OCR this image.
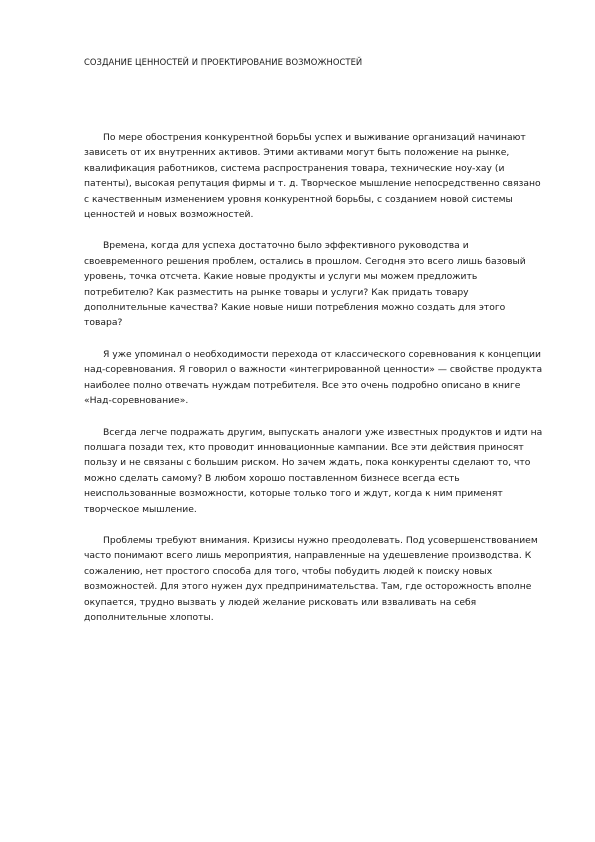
СОЗДАНИЕ ЦЕННОСТЕЙ И ПРОЕКТИРОВАНИЕ ВОЗМОЖНОСТЕЙ

По мере обострения конкурентной борьбы успех и выживание организаций начинают зависеть от их внутренних активов. Этими активами могут быть положение на рынке, квалификация работников, система распространения товара, технические ноу-хау (и патенты), высокая репутация фирмы и т. д. Творческое мышление непосредственно связано с качественным изменением уровня конкурентной борьбы, с созданием новой системы ценностей и новых возможностей.

Времена, когда для успеха достаточно было эффективного руководства и своевременного решения проблем, остались в прошлом. Сегодня это всего лишь базовый уровень, точка отсчета. Какие новые продукты и услуги мы можем предложить потребителю? Как разместить на рынке товары и услуги? Как придать товару дополнительные качества? Какие новые ниши потребления можно создать для этого товара?

Я уже упоминал о необходимости перехода от классического соревнования к концепции над-соревнования. Я говорил о важности «интегрированной ценности» — свойстве продукта наиболее полно отвечать нуждам потребителя. Все это очень подробно описано в книге «Над-соревнование».

Всегда легче подражать другим, выпускать аналоги уже известных продуктов и идти на полшага позади тех, кто проводит инновационные кампании. Все эти действия приносят пользу и не связаны с большим риском. Но зачем ждать, пока конкуренты сделают то, что можно сделать самому? В любом хорошо поставленном бизнесе всегда есть неиспользованные возможности, которые только того и ждут, когда к ним применят творческое мышление.

Проблемы требуют внимания. Кризисы нужно преодолевать. Под усовершенствованием часто понимают всего лишь мероприятия, направленные на удешевление производства. К сожалению, нет простого способа для того, чтобы побудить людей к поиску новых возможностей. Для этого нужен дух предпринимательства. Там, где осторожность вполне окупается, трудно вызвать у людей желание рисковать или взваливать на себя дополнительные хлопоты.
